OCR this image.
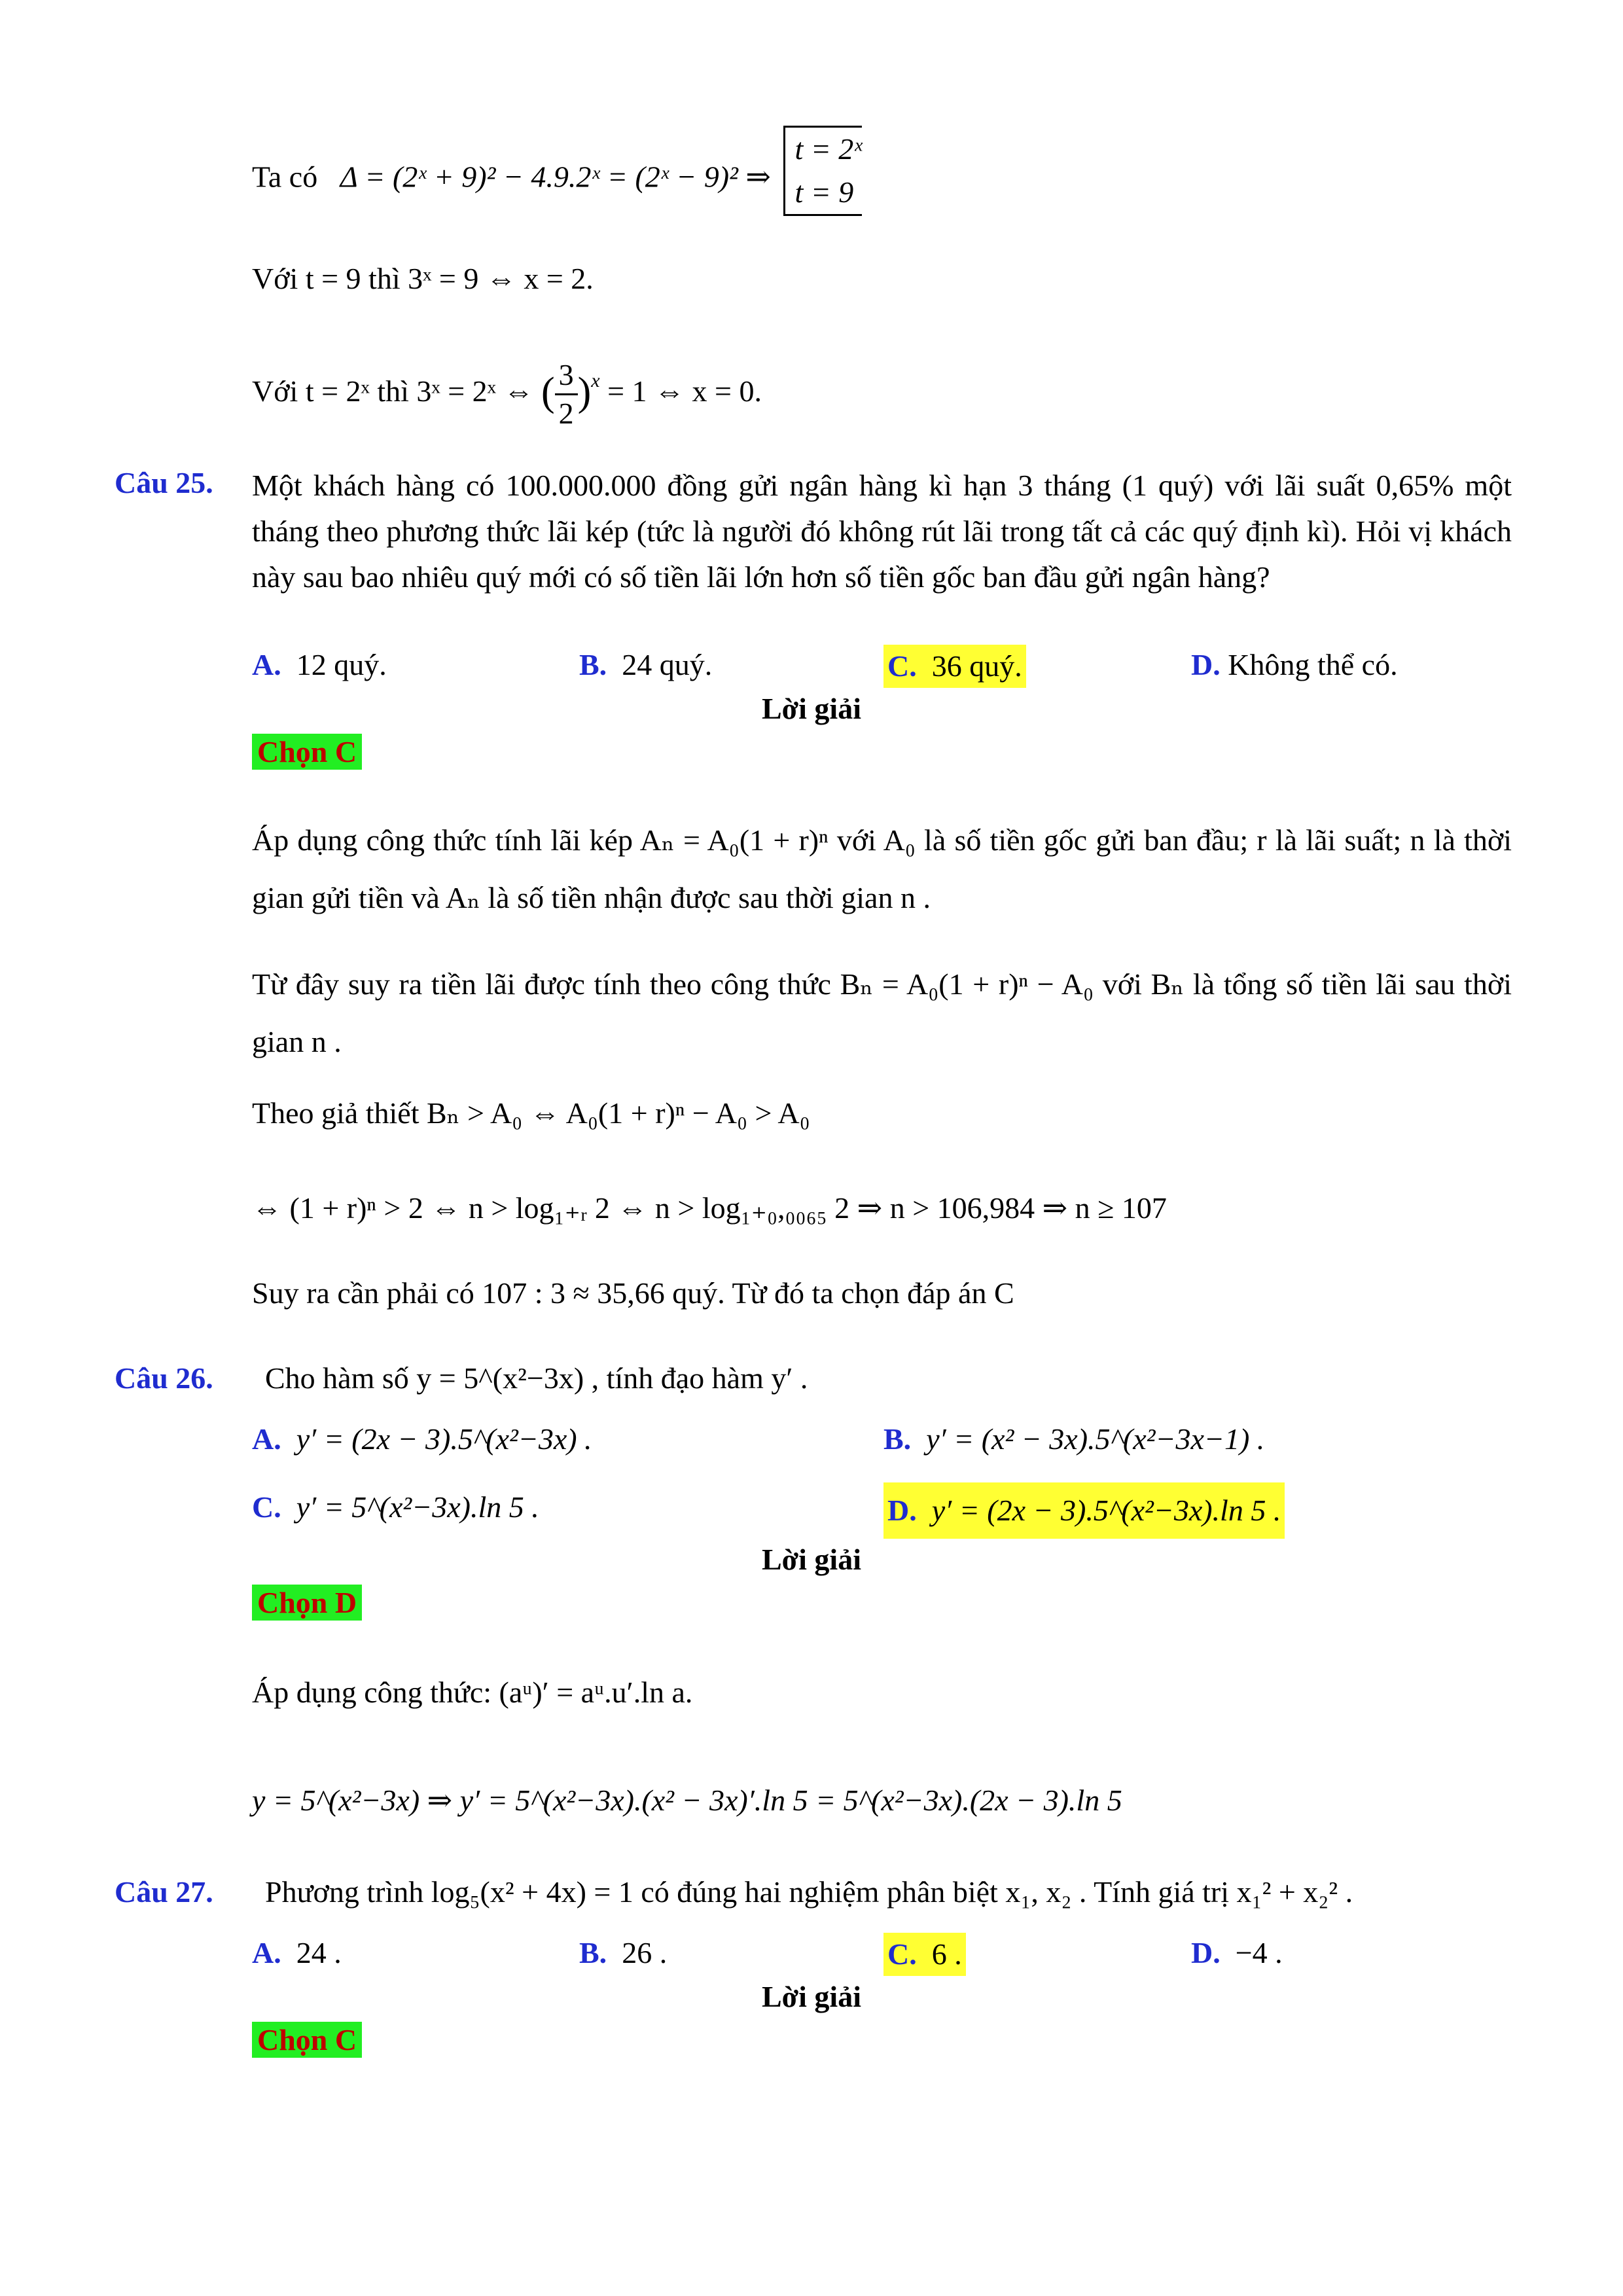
Ta có Δ = (2ˣ + 9)² − 4.9.2ˣ = (2ˣ − 9)² ⇒
t = 2ˣ
t = 9
Với t = 9 thì 3ˣ = 9 ⇔ x = 2.
Với t = 2ˣ thì 3ˣ = 2ˣ ⇔ ( $\frac{3}{2} )^x = 1$ ⇔ x = 0.
Câu 25. Một khách hàng có 100.000.000 đồng gửi ngân hàng kì hạn 3 tháng (1 quý) với lãi suất 0,65% một tháng theo phương thức lãi kép (tức là người đó không rút lãi trong tất cả các quý định kì). Hỏi vị khách này sau bao nhiêu quý mới có số tiền lãi lớn hơn số tiền gốc ban đầu gửi ngân hàng?
A. 12 quý.	B. 24 quý.	C. 36 quý.	D. Không thể có.
Lời giải
Chọn C
Áp dụng công thức tính lãi kép Aₙ = A₀(1 + r)ⁿ với A₀ là số tiền gốc gửi ban đầu; r là lãi suất; n là thời gian gửi tiền và Aₙ là số tiền nhận được sau thời gian n .
Từ đây suy ra tiền lãi được tính theo công thức Bₙ = A₀(1 + r)ⁿ − A₀ với Bₙ là tổng số tiền lãi sau thời gian n .
Theo giả thiết Bₙ > A₀ ⇔ A₀(1 + r)ⁿ − A₀ > A₀
⇔ (1 + r)ⁿ > 2 ⇔ n > log₁₊ᵣ 2 ⇔ n > log₁₊₀,₀₀₆₅ 2 ⇒ n > 106,984 ⇒ n ≥ 107
Suy ra cần phải có 107 : 3 ≈ 35,66 quý. Từ đó ta chọn đáp án C
Câu 26. Cho hàm số y = 5^(x²−3x) , tính đạo hàm y′ .
A. y′ = (2x − 3).5^(x²−3x) .	B. y′ = (x² − 3x).5^(x²−3x−1) .
C. y′ = 5^(x²−3x).ln 5 .	D. y′ = (2x − 3).5^(x²−3x).ln 5 .
Lời giải
Chọn D
Áp dụng công thức: (aᵘ)′ = aᵘ.u′.ln a.
y = 5^(x²−3x) ⇒ y′ = 5^(x²−3x).(x² − 3x)′.ln 5 = 5^(x²−3x).(2x − 3).ln 5
Câu 27. Phương trình log₅(x² + 4x) = 1 có đúng hai nghiệm phân biệt x₁, x₂ . Tính giá trị x₁² + x₂² .
A. 24 .	B. 26 .	C. 6 .	D. −4 .
Lời giải
Chọn C
